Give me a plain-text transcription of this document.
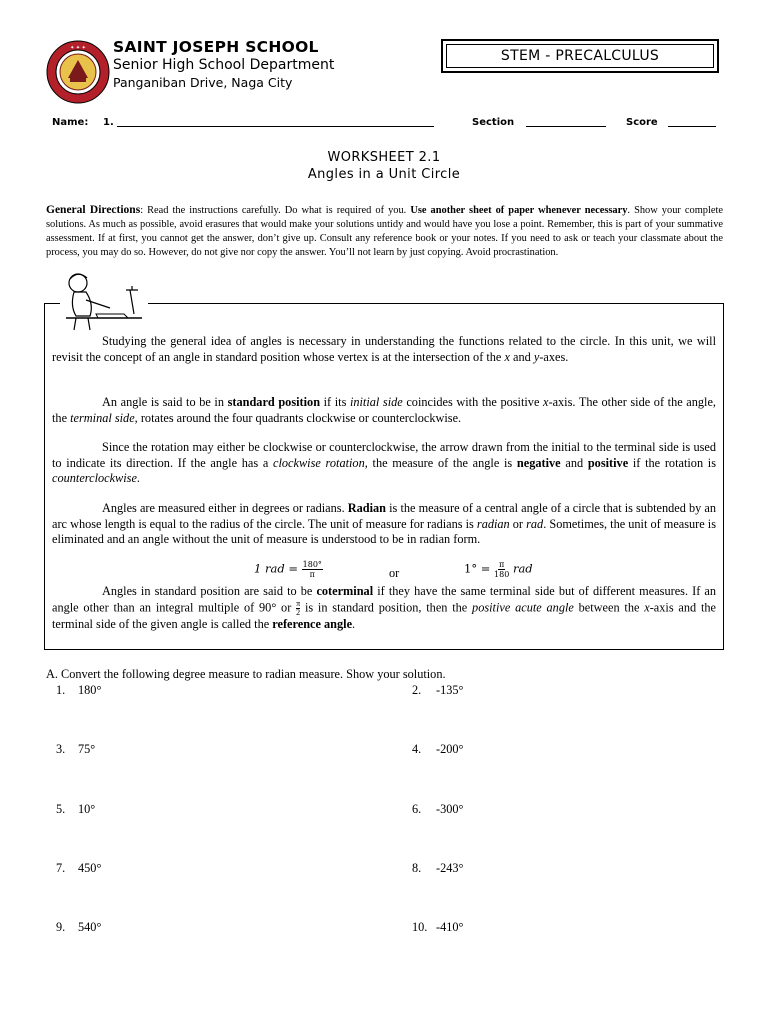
✦ ✦ ✦ SAINT JOSEPH SCHOOL
Senior High School Department
Panganiban Drive, Naga City
STEM - PRECALCULUS
Name: 1.	Section	Score
WORKSHEET 2.1
Angles in a Unit Circle
General Directions: Read the instructions carefully. Do what is required of you. Use another sheet of paper whenever necessary. Show your complete solutions. As much as possible, avoid erasures that would make your solutions untidy and would have you lose a point. Remember, this is part of your summative assessment. If at first, you cannot get the answer, don’t give up. Consult any reference book or your notes. If you need to ask or teach your classmate about the process, you may do so. However, do not give nor copy the answer. You’ll not learn by just copying. Avoid procrastination.
Studying the general idea of angles is necessary in understanding the functions related to the circle. In this unit, we will revisit the concept of an angle in standard position whose vertex is at the intersection of the x and y-axes.
An angle is said to be in standard position if its initial side coincides with the positive x-axis. The other side of the angle, the terminal side, rotates around the four quadrants clockwise or counterclockwise.
Since the rotation may either be clockwise or counterclockwise, the arrow drawn from the initial to the terminal side is used to indicate its direction. If the angle has a clockwise rotation, the measure of the angle is negative and positive if the rotation is counterclockwise.
Angles are measured either in degrees or radians. Radian is the measure of a central angle of a circle that is subtended by an arc whose length is equal to the radius of the circle. The unit of measure for radians is radian or rad. Sometimes, the unit of measure is eliminated and an angle without the unit of measure is understood to be in radian form.
1 rad = $\frac{180^\circ}{\pi}$	or	$1^\circ = \frac{\pi}{180}$ rad
Angles in standard position are said to be coterminal if they have the same terminal side but of different measures. If an angle other than an integral multiple of 90° or $\frac{\pi}{2}$ is in standard position, then the positive acute angle between the x-axis and the terminal side of the given angle is called the reference angle.
A. Convert the following degree measure to radian measure. Show your solution.
1. 180°	2. -135°
3. 75°	4. -200°
5. 10°	6. -300°
7. 450°	8. -243°
9. 540°	10. -410°
